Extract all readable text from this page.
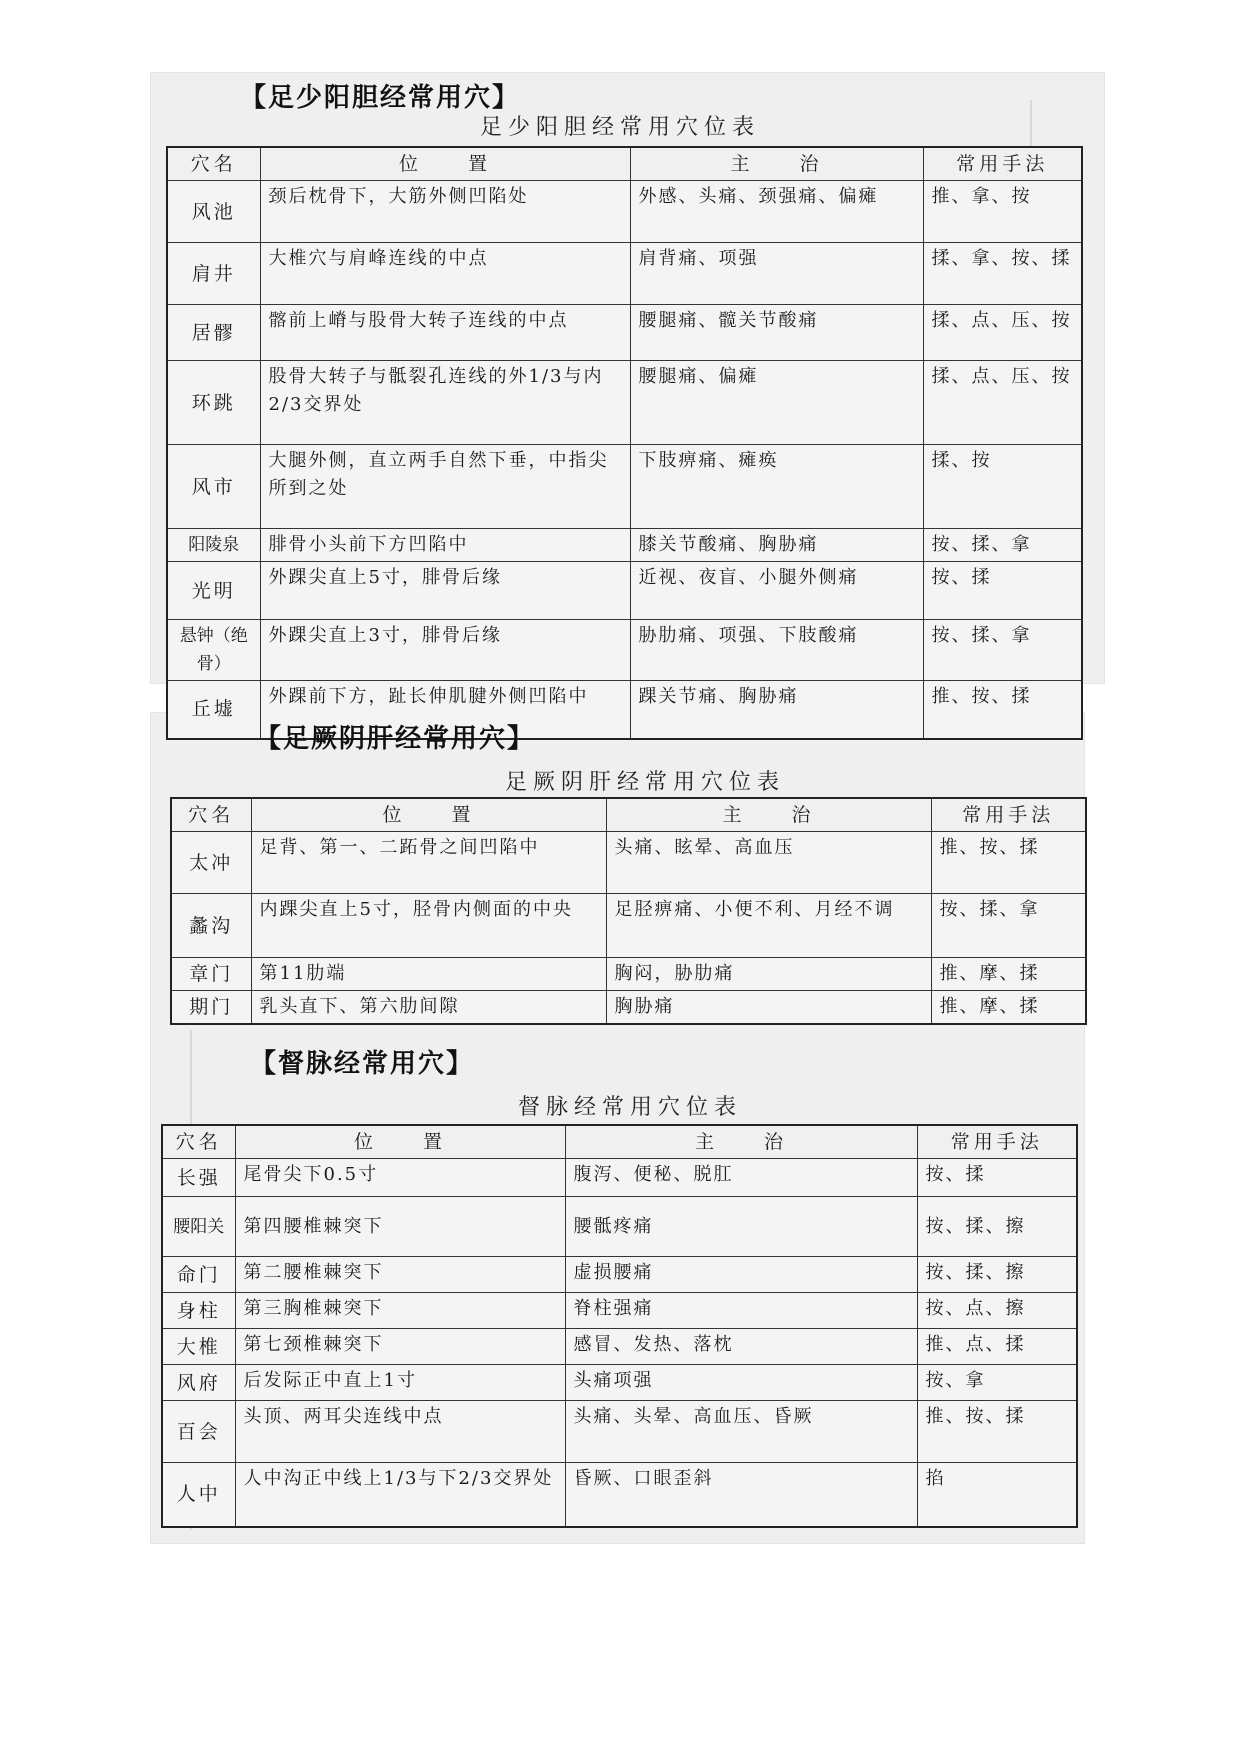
【足少阳胆经常用穴】
足少阳胆经常用穴位表
穴名	位　　置	主　　治	常用手法
风池	颈后枕骨下，大筋外侧凹陷处	外感、头痛、颈强痛、偏瘫	推、拿、按
肩井	大椎穴与肩峰连线的中点	肩背痛、项强	揉、拿、按、揉
居髎	髂前上嵴与股骨大转子连线的中点	腰腿痛、髋关节酸痛	揉、点、压、按
环跳	股骨大转子与骶裂孔连线的外1/3与内2/3交界处	腰腿痛、偏瘫	揉、点、压、按
风市	大腿外侧，直立两手自然下垂，中指尖所到之处	下肢痹痛、瘫痪	揉、按
阳陵泉	腓骨小头前下方凹陷中	膝关节酸痛、胸胁痛	按、揉、拿
光明	外踝尖直上5寸，腓骨后缘	近视、夜盲、小腿外侧痛	按、揉
悬钟（绝骨）	外踝尖直上3寸，腓骨后缘	胁肋痛、项强、下肢酸痛	按、揉、拿
丘墟	外踝前下方，趾长伸肌腱外侧凹陷中	踝关节痛、胸胁痛	推、按、揉
【足厥阴肝经常用穴】
足厥阴肝经常用穴位表
穴名	位　　置	主　　治	常用手法
太冲	足背、第一、二跖骨之间凹陷中	头痛、眩晕、高血压	推、按、揉
蠡沟	内踝尖直上5寸，胫骨内侧面的中央	足胫痹痛、小便不利、月经不调	按、揉、拿
章门	第11肋端	胸闷，胁肋痛	推、摩、揉
期门	乳头直下、第六肋间隙	胸胁痛	推、摩、揉
【督脉经常用穴】
督脉经常用穴位表
穴名	位　　置	主　　治	常用手法
长强	尾骨尖下0.5寸	腹泻、便秘、脱肛	按、揉
腰阳关	第四腰椎棘突下	腰骶疼痛	按、揉、擦
命门	第二腰椎棘突下	虚损腰痛	按、揉、擦
身柱	第三胸椎棘突下	脊柱强痛	按、点、擦
大椎	第七颈椎棘突下	感冒、发热、落枕	推、点、揉
风府	后发际正中直上1寸	头痛项强	按、拿
百会	头顶、两耳尖连线中点	头痛、头晕、高血压、昏厥	推、按、揉
人中	人中沟正中线上1/3与下2/3交界处	昏厥、口眼歪斜	掐
